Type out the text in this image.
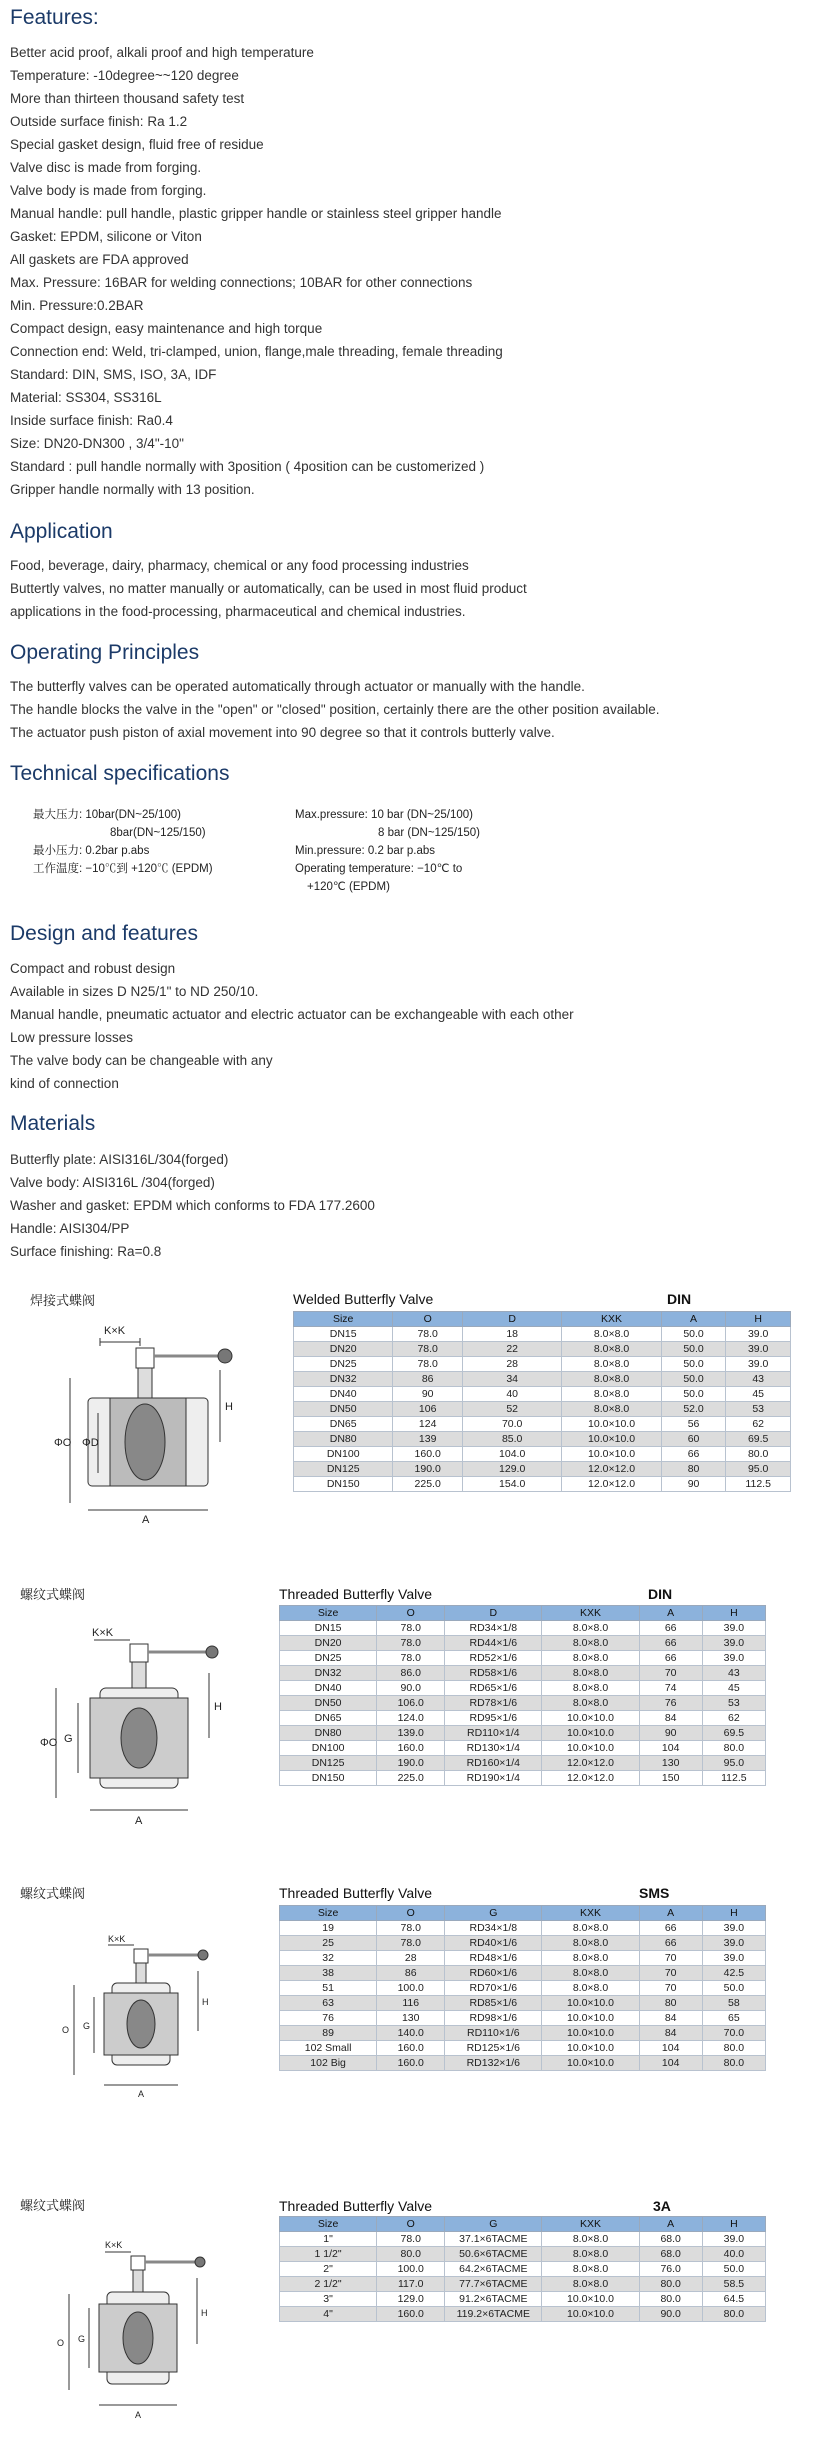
Features:
Better acid proof, alkali proof and high temperature
Temperature: -10degree~~120 degree
More than thirteen thousand safety test
Outside surface finish: Ra 1.2
Special gasket design, fluid free of residue
Valve disc is made from forging.
Valve body is made from forging.
Manual handle: pull handle, plastic gripper handle or stainless steel gripper handle
Gasket: EPDM, silicone or Viton
All gaskets are FDA approved
Max. Pressure: 16BAR for welding connections; 10BAR for other connections
Min. Pressure:0.2BAR
Compact design, easy maintenance and high torque
Connection end: Weld, tri-clamped, union, flange,male threading, female threading
Standard: DIN, SMS, ISO, 3A, IDF
Material: SS304, SS316L
Inside surface finish: Ra0.4
Size: DN20-DN300 , 3/4"-10"
Standard : pull handle normally with 3position ( 4position can be customerized )
Gripper handle normally with 13 position.
Application
Food, beverage, dairy, pharmacy, chemical or any food processing industries
Buttertly valves, no matter manually or automatically, can be used in most fluid product
applications in the food-processing, pharmaceutical and chemical industries.
Operating Principles
The butterfly valves can be operated automatically through actuator or manually with the handle.
The handle blocks the valve in the "open" or "closed" position, certainly there are the other position available.
The actuator push piston of axial movement into 90 degree so that it controls butterly valve.
Technical specifications
最大压力: 10bar(DN~25/100)
8bar(DN~125/150)
最小压力: 0.2bar p.abs
工作温度: −10℃到 +120℃ (EPDM)
Max.pressure: 10 bar (DN~25/100)
8 bar (DN~125/150)
Min.pressure: 0.2 bar p.abs
Operating temperature: −10℃ to
+120℃ (EPDM)
Design and features
Compact and robust design
Available in sizes D N25/1" to ND 250/10.
Manual handle, pneumatic actuator and electric actuator can be exchangeable with each other
Low pressure losses
The valve body can be changeable with any
kind of connection
Materials
Butterfly plate: AISI316L/304(forged)
Valve body: AISI316L /304(forged)
Washer and gasket: EPDM which conforms to FDA 177.2600
Handle: AISI304/PP
Surface finishing: Ra=0.8
焊接式蝶阀	Welded Butterfly Valve	DIN
K×K
ΦO ΦD
H
A
Size	O	D	KXK	A	H
DN15	78.0	18	8.0×8.0	50.0	39.0
DN20	78.0	22	8.0×8.0	50.0	39.0
DN25	78.0	28	8.0×8.0	50.0	39.0
DN32	86	34	8.0×8.0	50.0	43
DN40	90	40	8.0×8.0	50.0	45
DN50	106	52	8.0×8.0	52.0	53
DN65	124	70.0	10.0×10.0	56	62
DN80	139	85.0	10.0×10.0	60	69.5
DN100	160.0	104.0	10.0×10.0	66	80.0
DN125	190.0	129.0	12.0×12.0	80	95.0
DN150	225.0	154.0	12.0×12.0	90	112.5
螺纹式蝶阀	Threaded Butterfly Valve	DIN
K×K
ΦO G
H
A
Size	O	D	KXK	A	H
DN15	78.0	RD34×1/8	8.0×8.0	66	39.0
DN20	78.0	RD44×1/6	8.0×8.0	66	39.0
DN25	78.0	RD52×1/6	8.0×8.0	66	39.0
DN32	86.0	RD58×1/6	8.0×8.0	70	43
DN40	90.0	RD65×1/6	8.0×8.0	74	45
DN50	106.0	RD78×1/6	8.0×8.0	76	53
DN65	124.0	RD95×1/6	10.0×10.0	84	62
DN80	139.0	RD110×1/4	10.0×10.0	90	69.5
DN100	160.0	RD130×1/4	10.0×10.0	104	80.0
DN125	190.0	RD160×1/4	12.0×12.0	130	95.0
DN150	225.0	RD190×1/4	12.0×12.0	150	112.5
螺纹式蝶阀	Threaded Butterfly Valve	SMS
K×K
O G
H
A
Size	O	G	KXK	A	H
19	78.0	RD34×1/8	8.0×8.0	66	39.0
25	78.0	RD40×1/6	8.0×8.0	66	39.0
32	28	RD48×1/6	8.0×8.0	70	39.0
38	86	RD60×1/6	8.0×8.0	70	42.5
51	100.0	RD70×1/6	8.0×8.0	70	50.0
63	116	RD85×1/6	10.0×10.0	80	58
76	130	RD98×1/6	10.0×10.0	84	65
89	140.0	RD110×1/6	10.0×10.0	84	70.0
102 Small	160.0	RD125×1/6	10.0×10.0	104	80.0
102 Big	160.0	RD132×1/6	10.0×10.0	104	80.0
螺纹式蝶阀	Threaded Butterfly Valve	3A
K×K
O G
H
A
Size	O	G	KXK	A	H
1"	78.0	37.1×6TACME	8.0×8.0	68.0	39.0
1 1/2"	80.0	50.6×6TACME	8.0×8.0	68.0	40.0
2"	100.0	64.2×6TACME	8.0×8.0	76.0	50.0
2 1/2"	117.0	77.7×6TACME	8.0×8.0	80.0	58.5
3"	129.0	91.2×6TACME	10.0×10.0	80.0	64.5
4"	160.0	119.2×6TACME	10.0×10.0	90.0	80.0
